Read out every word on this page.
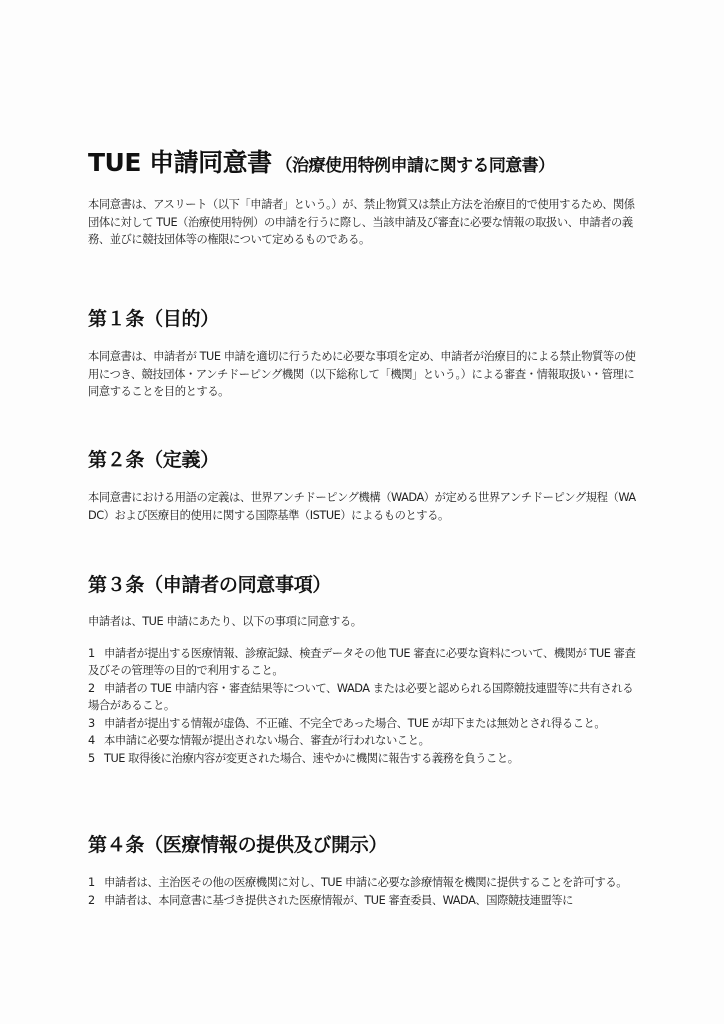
TUE 申請同意書 （治療使用特例申請に関する同意書）

本同意書は、アスリート（以下「申請者」という。）が、禁止物質又は禁止方法を治療目的で使用するため、関係団体に対して TUE（治療使用特例）の申請を行うに際し、当該申請及び審査に必要な情報の取扱い、申請者の義務、並びに競技団体等の権限について定めるものである。

第１条（目的）

本同意書は、申請者が TUE 申請を適切に行うために必要な事項を定め、申請者が治療目的による禁止物質等の使用につき、競技団体・アンチドーピング機関（以下総称して「機関」という。）による審査・情報取扱い・管理に同意することを目的とする。

第２条（定義）

本同意書における用語の定義は、世界アンチドーピング機構（WADA）が定める世界アンチドーピング規程（WADC）および医療目的使用に関する国際基準（ISTUE）によるものとする。

第３条（申請者の同意事項）

申請者は、TUE 申請にあたり、以下の事項に同意する。

1 申請者が提出する医療情報、診療記録、検査データその他 TUE 審査に必要な資料について、機関が TUE 審査及びその管理等の目的で利用すること。
2 申請者の TUE 申請内容・審査結果等について、WADA または必要と認められる国際競技連盟等に共有される場合があること。
3 申請者が提出する情報が虚偽、不正確、不完全であった場合、TUE が却下または無効とされ得ること。
4 本申請に必要な情報が提出されない場合、審査が行われないこと。
5 TUE 取得後に治療内容が変更された場合、速やかに機関に報告する義務を負うこと。
第４条（医療情報の提供及び開示）
1 申請者は、主治医その他の医療機関に対し、TUE 申請に必要な診療情報を機関に提供することを許可する。
2 申請者は、本同意書に基づき提供された医療情報が、TUE 審査委員、WADA、国際競技連盟等に
